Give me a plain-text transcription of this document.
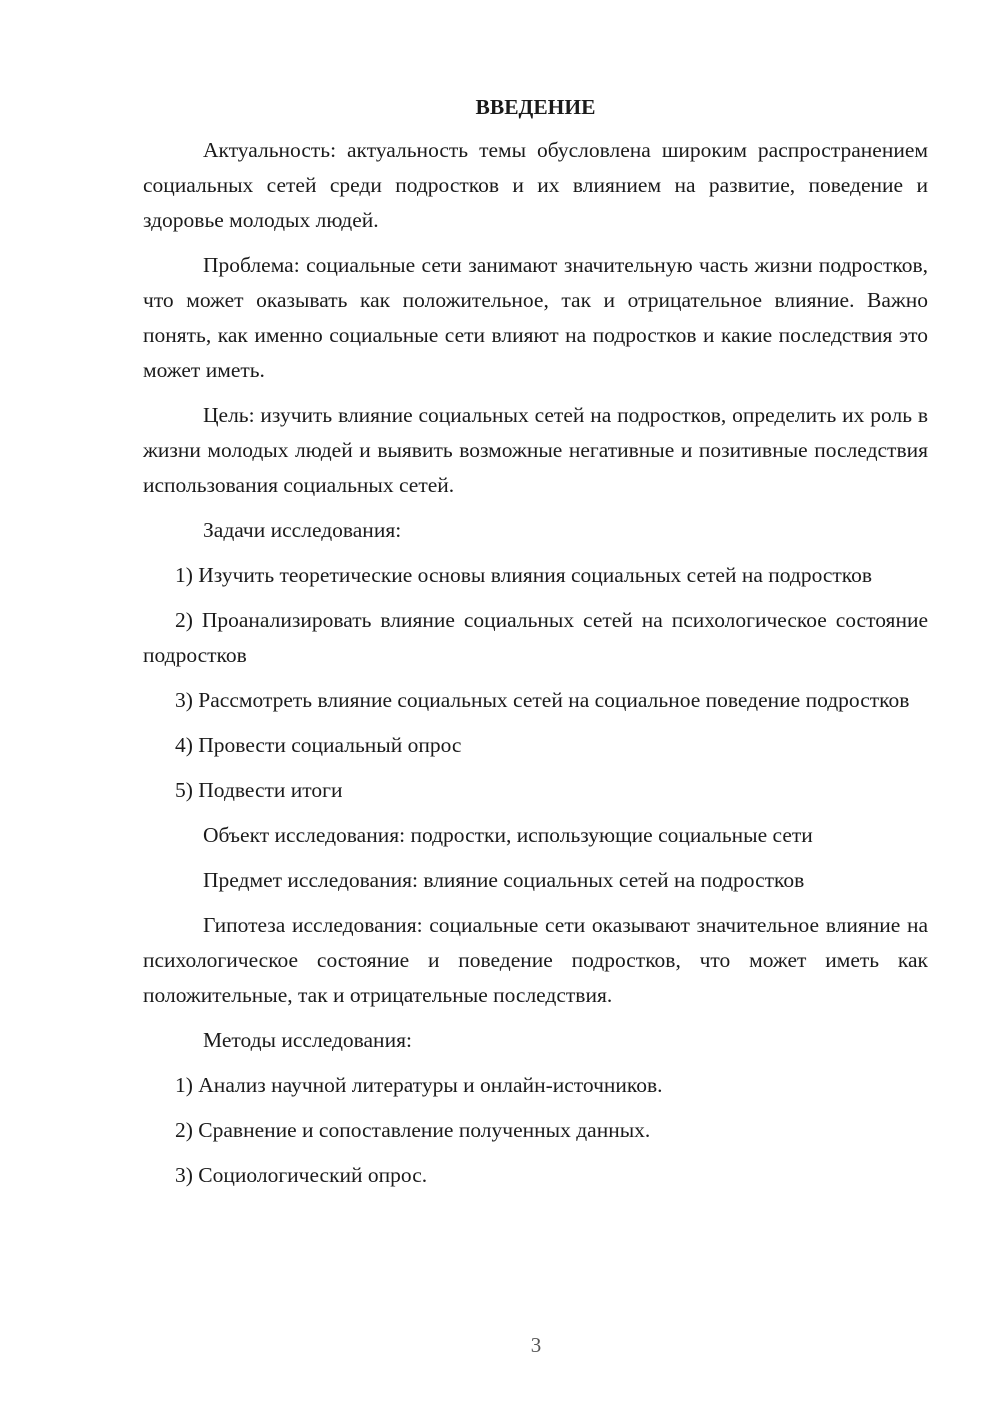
ВВЕДЕНИЕ

Актуальность: актуальность темы обусловлена широким распространением социальных сетей среди подростков и их влиянием на развитие, поведение и здоровье молодых людей.

Проблема: социальные сети занимают значительную часть жизни подростков, что может оказывать как положительное, так и отрицательное влияние. Важно понять, как именно социальные сети влияют на подростков и какие последствия это может иметь.

Цель: изучить влияние социальных сетей на подростков, определить их роль в жизни молодых людей и выявить возможные негативные и позитивные последствия использования социальных сетей.

Задачи исследования:

1) Изучить теоретические основы влияния социальных сетей на подростков

2) Проанализировать влияние социальных сетей на психологическое состояние подростков

3) Рассмотреть влияние социальных сетей на социальное поведение подростков

4) Провести социальный опрос

5) Подвести итоги

Объект исследования: подростки, использующие социальные сети

Предмет исследования: влияние социальных сетей на подростков

Гипотеза исследования: социальные сети оказывают значительное влияние на психологическое состояние и поведение подростков, что может иметь как положительные, так и отрицательные последствия.

Методы исследования:

1) Анализ научной литературы и онлайн-источников.

2) Сравнение и сопоставление полученных данных.

3) Социологический опрос.

3
